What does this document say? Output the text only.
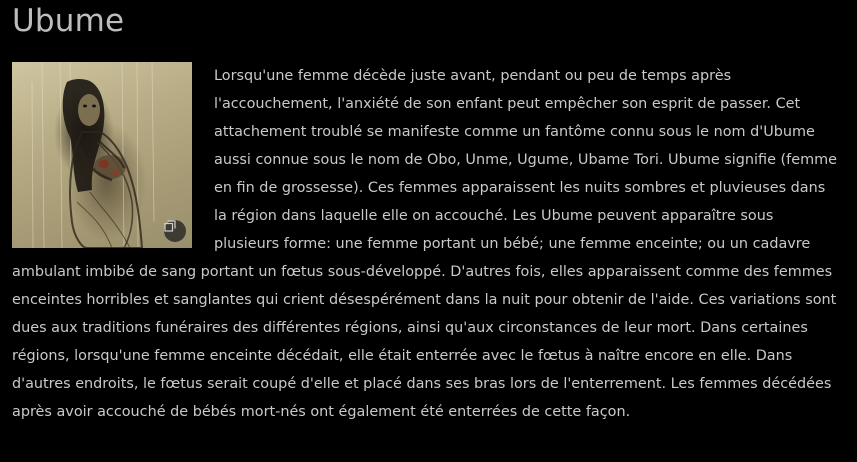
Ubume

Lorsqu'une femme décède juste avant, pendant ou peu de temps après l'accouchement, l'anxiété de son enfant peut empêcher son esprit de passer. Cet attachement troublé se manifeste comme un fantôme connu sous le nom d'Ubume aussi connue sous le nom de Obo, Unme, Ugume, Ubame Tori. Ubume signifie (femme en fin de grossesse). Ces femmes apparaissent les nuits sombres et pluvieuses dans la région dans laquelle elle on accouché. Les Ubume peuvent apparaître sous plusieurs forme: une femme portant un bébé; une femme enceinte; ou un cadavre ambulant imbibé de sang portant un fœtus sous-développé. D'autres fois, elles apparaissent comme des femmes enceintes horribles et sanglantes qui crient désespérément dans la nuit pour obtenir de l'aide. Ces variations sont dues aux traditions funéraires des différentes régions, ainsi qu'aux circonstances de leur mort. Dans certaines régions, lorsqu'une femme enceinte décédait, elle était enterrée avec le fœtus à naître encore en elle. Dans d'autres endroits, le fœtus serait coupé d'elle et placé dans ses bras lors de l'enterrement. Les femmes décédées après avoir accouché de bébés mort-nés ont également été enterrées de cette façon.
